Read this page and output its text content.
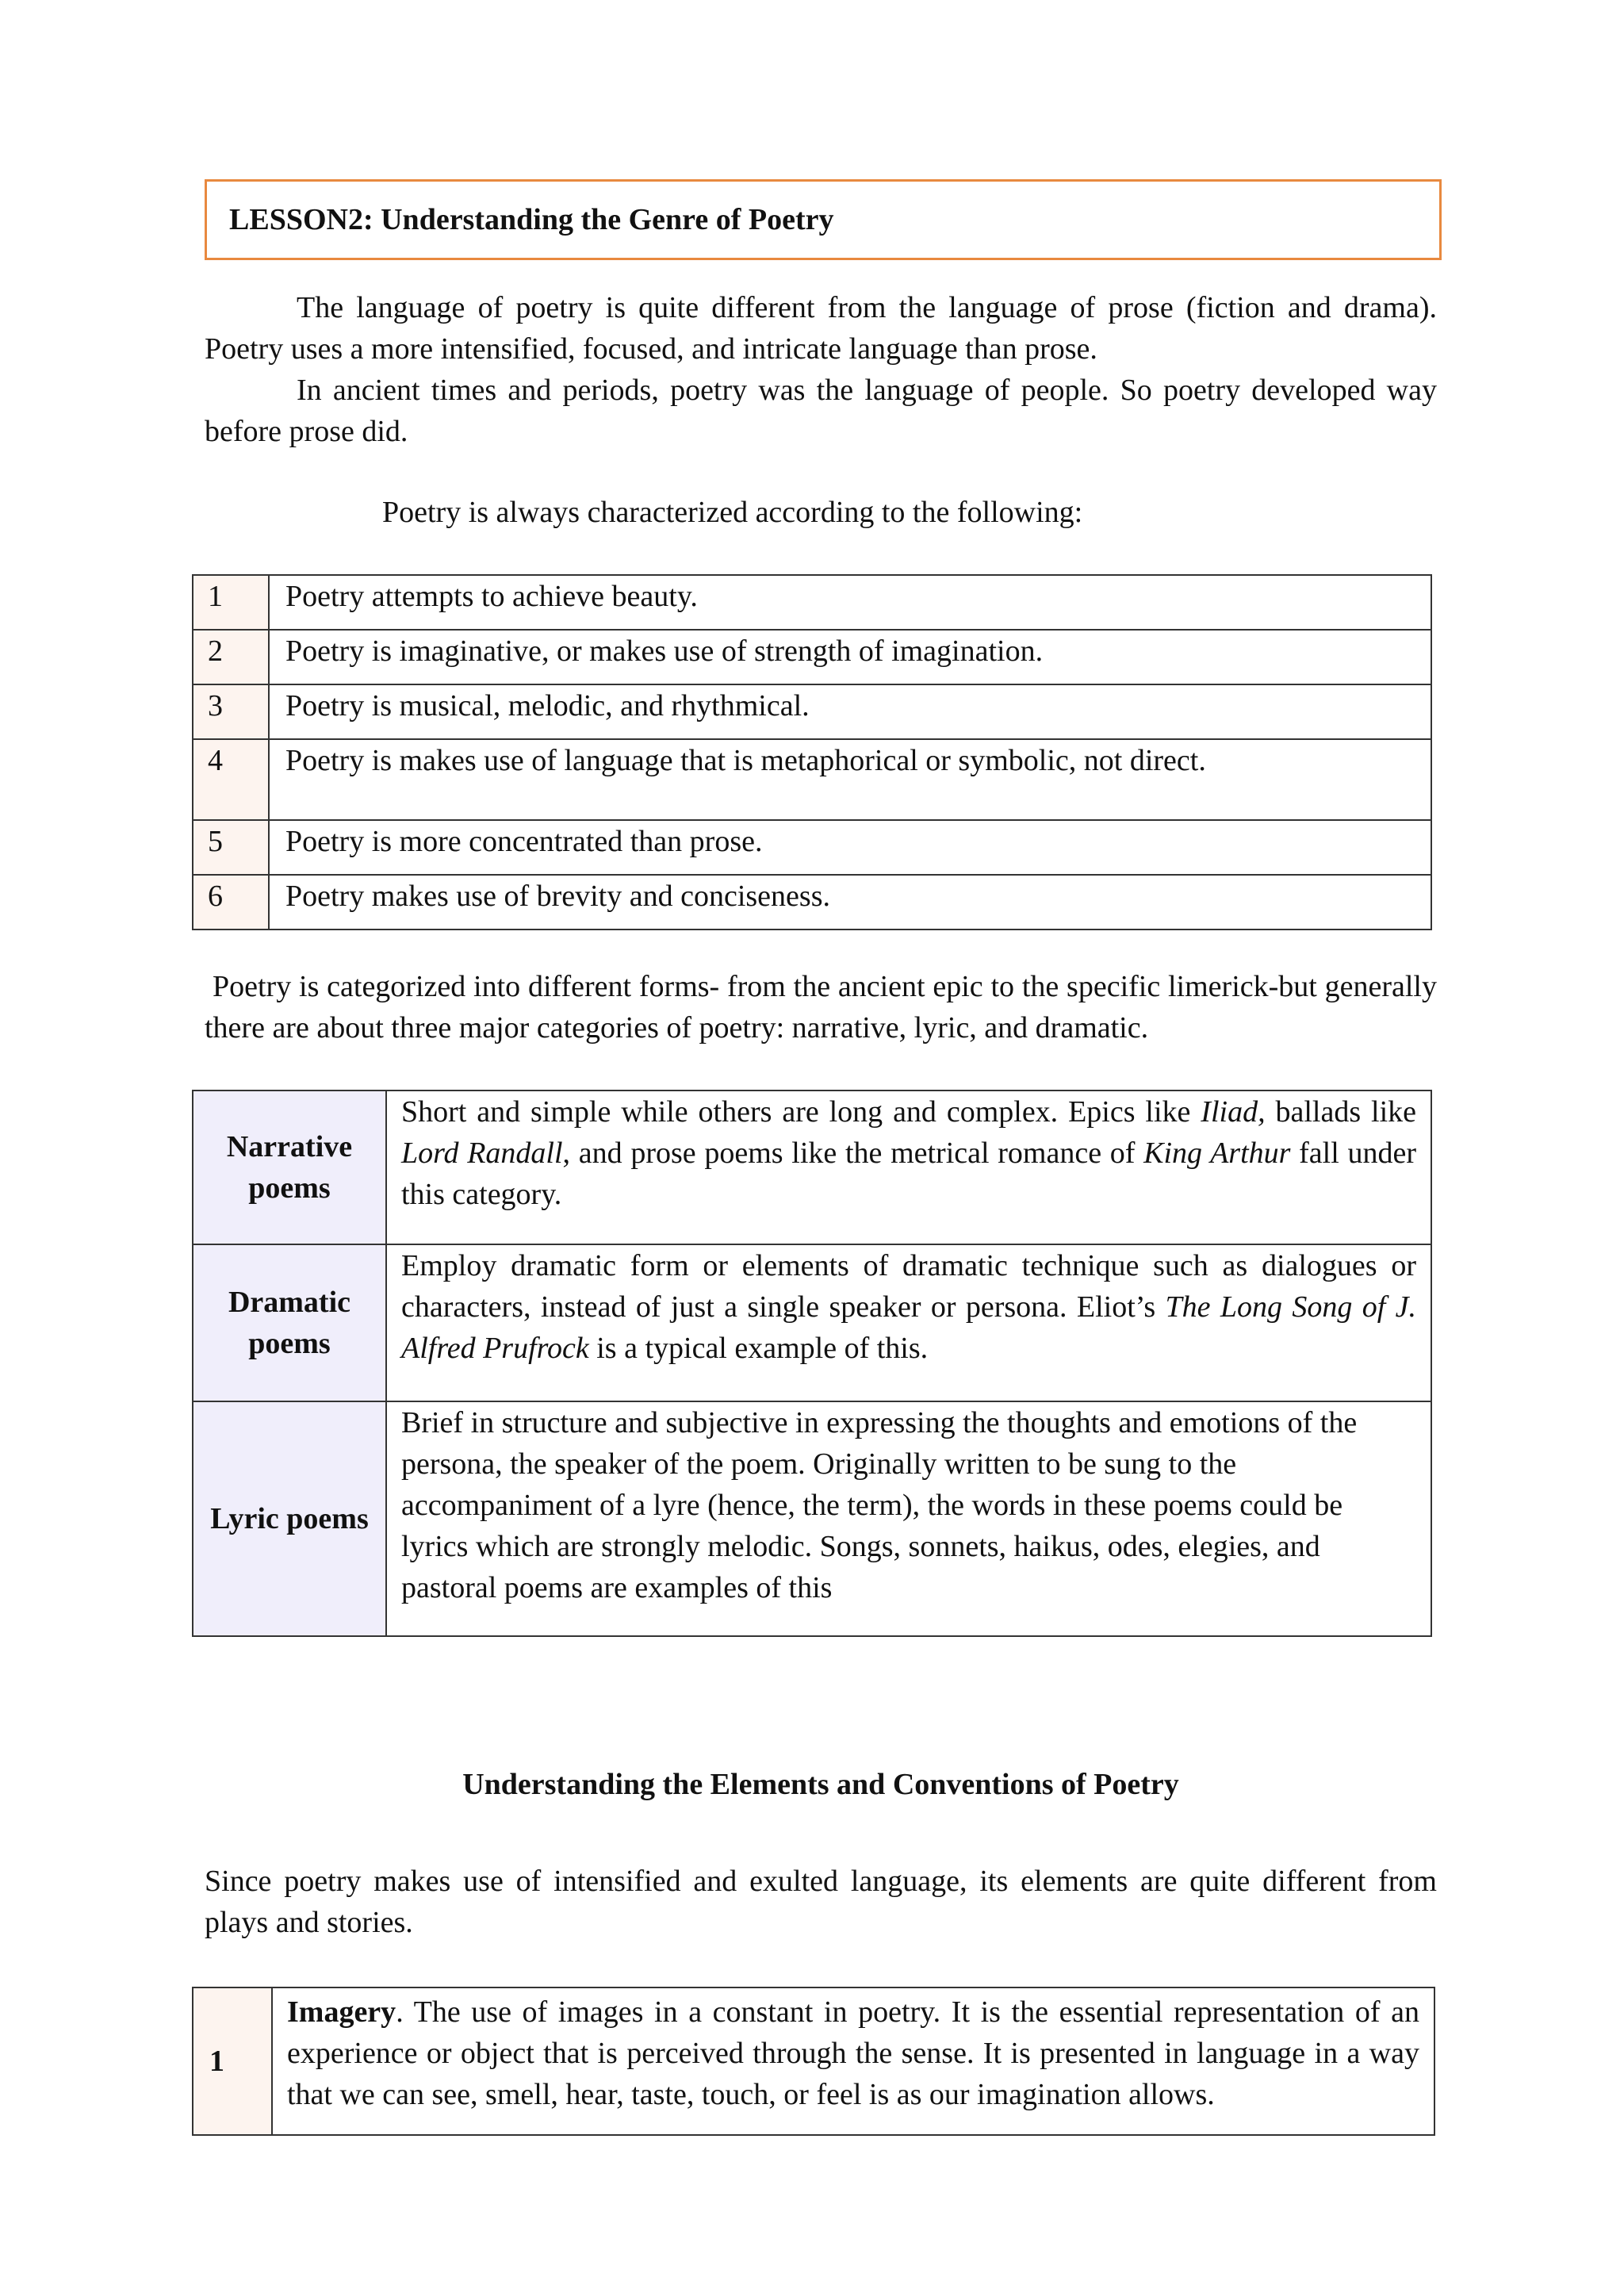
LESSON2: Understanding the Genre of Poetry
The language of poetry is quite different from the language of prose (fiction and drama). Poetry uses a more intensified, focused, and intricate language than prose.
In ancient times and periods, poetry was the language of people. So poetry developed way before prose did.
Poetry is always characterized according to the following:
1	Poetry attempts to achieve beauty.
2	Poetry is imaginative, or makes use of strength of imagination.
3	Poetry is musical, melodic, and rhythmical.
4	Poetry is makes use of language that is metaphorical or symbolic, not direct.
5	Poetry is more concentrated than prose.
6	Poetry makes use of brevity and conciseness.
Poetry is categorized into different forms- from the ancient epic to the specific limerick-but generally there are about three major categories of poetry: narrative, lyric, and dramatic.
Narrative poems	Short and simple while others are long and complex. Epics like Iliad, ballads like Lord Randall, and prose poems like the metrical romance of King Arthur fall under this category.
Dramatic poems	Employ dramatic form or elements of dramatic technique such as dialogues or characters, instead of just a single speaker or persona. Eliot’s The Long Song of J. Alfred Prufrock is a typical example of this.
Lyric poems	Brief in structure and subjective in expressing the thoughts and emotions of the persona, the speaker of the poem. Originally written to be sung to the accompaniment of a lyre (hence, the term), the words in these poems could be lyrics which are strongly melodic. Songs, sonnets, haikus, odes, elegies, and pastoral poems are examples of this
Understanding the Elements and Conventions of Poetry
Since poetry makes use of intensified and exulted language, its elements are quite different from plays and stories.
1	Imagery. The use of images in a constant in poetry. It is the essential representation of an experience or object that is perceived through the sense. It is presented in language in a way that we can see, smell, hear, taste, touch, or feel is as our imagination allows.
